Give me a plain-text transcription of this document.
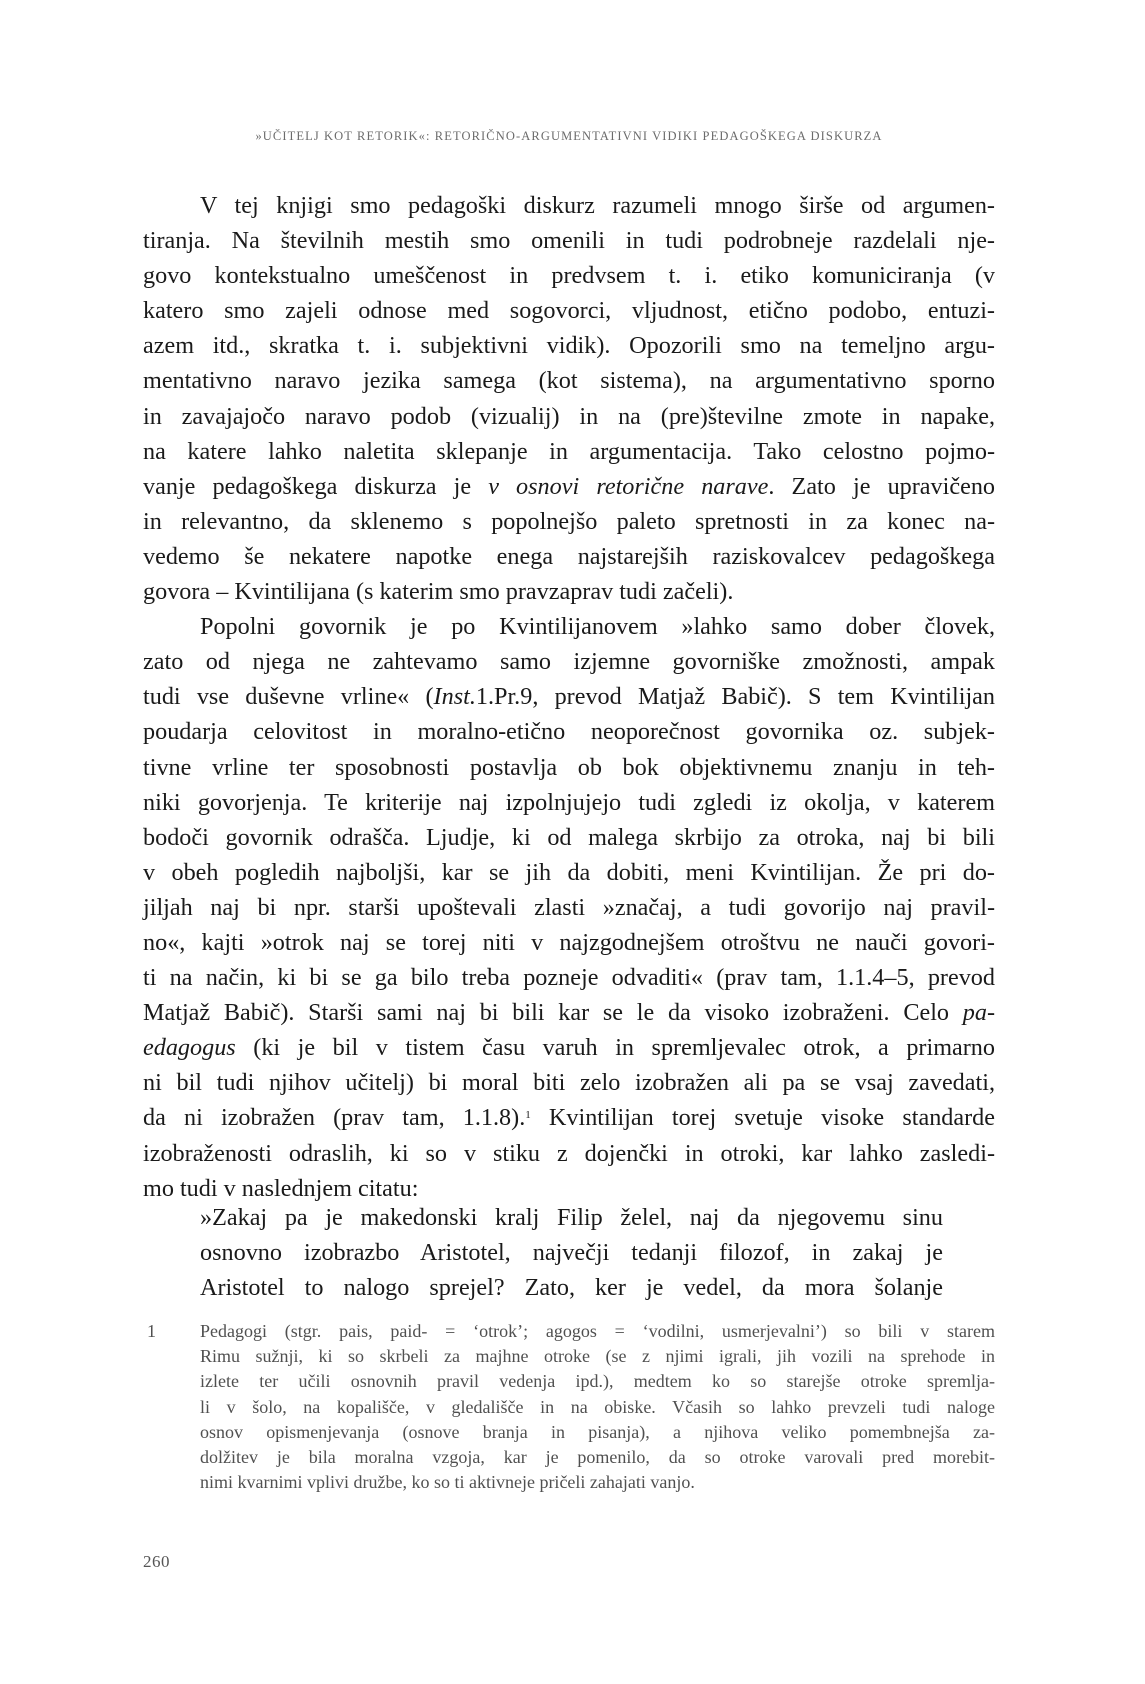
»UČITELJ KOT RETORIK«: RETORIČNO-ARGUMENTATIVNI VIDIKI PEDAGOŠKEGA DISKURZA
V tej knjigi smo pedagoški diskurz razumeli mnogo širše od argumen-
tiranja. Na številnih mestih smo omenili in tudi podrobneje razdelali nje-
govo kontekstualno umeščenost in predvsem t. i. etiko komuniciranja (v
katero smo zajeli odnose med sogovorci, vljudnost, etično podobo, entuzi-
azem itd., skratka t. i. subjektivni vidik). Opozorili smo na temeljno argu-
mentativno naravo jezika samega (kot sistema), na argumentativno sporno
in zavajajočo naravo podob (vizualij) in na (pre)številne zmote in napake,
na katere lahko naletita sklepanje in argumentacija. Tako celostno pojmo-
vanje pedagoškega diskurza je v osnovi retorične narave. Zato je upravičeno
in relevantno, da sklenemo s popolnejšo paleto spretnosti in za konec na-
vedemo še nekatere napotke enega najstarejših raziskovalcev pedagoškega
govora – Kvintilijana (s katerim smo pravzaprav tudi začeli).
Popolni govornik je po Kvintilijanovem »lahko samo dober človek,
zato od njega ne zahtevamo samo izjemne govorniške zmožnosti, ampak
tudi vse duševne vrline« (Inst.1.Pr.9, prevod Matjaž Babič). S tem Kvintilijan
poudarja celovitost in moralno-etično neoporečnost govornika oz. subjek-
tivne vrline ter sposobnosti postavlja ob bok objektivnemu znanju in teh-
niki govorjenja. Te kriterije naj izpolnjujejo tudi zgledi iz okolja, v katerem
bodoči govornik odrašča. Ljudje, ki od malega skrbijo za otroka, naj bi bili
v obeh pogledih najboljši, kar se jih da dobiti, meni Kvintilijan. Že pri do-
jiljah naj bi npr. starši upoštevali zlasti »značaj, a tudi govorijo naj pravil-
no«, kajti »otrok naj se torej niti v najzgodnejšem otroštvu ne nauči govori-
ti na način, ki bi se ga bilo treba pozneje odvaditi« (prav tam, 1.1.4–5, prevod
Matjaž Babič). Starši sami naj bi bili kar se le da visoko izobraženi. Celo pa-
edagogus (ki je bil v tistem času varuh in spremljevalec otrok, a primarno
ni bil tudi njihov učitelj) bi moral biti zelo izobražen ali pa se vsaj zavedati,
da ni izobražen (prav tam, 1.1.8).$^1$ Kvintilijan torej svetuje visoke standarde
izobraženosti odraslih, ki so v stiku z dojenčki in otroki, kar lahko zasledi-
mo tudi v naslednjem citatu:
»Zakaj pa je makedonski kralj Filip želel, naj da njegovemu sinu
osnovno izobrazbo Aristotel, največji tedanji filozof, in zakaj je
Aristotel to nalogo sprejel? Zato, ker je vedel, da mora šolanje
1 Pedagogi (stgr. pais, paid- = ‘otrok’; agogos = ‘vodilni, usmerjevalni’) so bili v starem
Rimu sužnji, ki so skrbeli za majhne otroke (se z njimi igrali, jih vozili na sprehode in
izlete ter učili osnovnih pravil vedenja ipd.), medtem ko so starejše otroke spremlja-
li v šolo, na kopališče, v gledališče in na obiske. Včasih so lahko prevzeli tudi naloge
osnov opismenjevanja (osnove branja in pisanja), a njihova veliko pomembnejša za-
dolžitev je bila moralna vzgoja, kar je pomenilo, da so otroke varovali pred morebit-
nimi kvarnimi vplivi družbe, ko so ti aktivneje pričeli zahajati vanjo.
260
